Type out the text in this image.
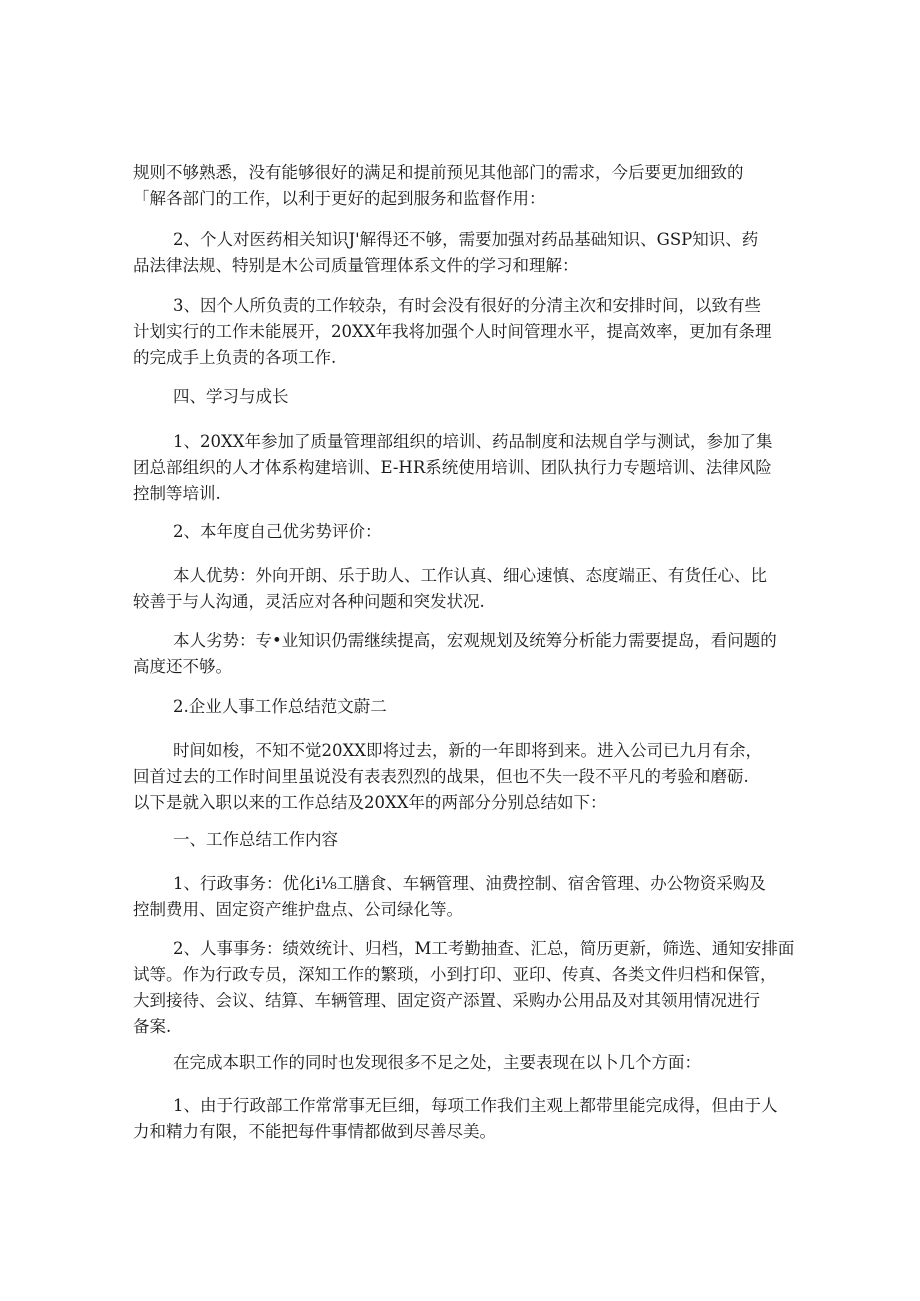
规则不够熟悉，没有能够很好的满足和提前预见其他部门的需求，今后要更加细致的
「解各部门的工作，以利于更好的起到服务和监督作用：
2、个人对医药相关知识J'解得还不够，需要加强对药品基础知识、GSP知识、药
品法律法规、特别是木公司质量管理体系文件的学习和理解：
3、因个人所负责的工作较杂，有时会没有很好的分清主次和安排时间，以致有些
计划实行的工作未能展开，20XX年我将加强个人时间管理水平，提高效率，更加有条理
的完成手上负责的各项工作.
四、学习与成长
1、20XX年参加了质量管理部组织的培训、药品制度和法规自学与测试，参加了集
团总部组织的人才体系构建培训、E-HR系统使用培训、团队执行力专题培训、法律风险
控制等培训.
2、本年度自己优劣势评价：
本人优势：外向开朗、乐于助人、工作认真、细心速慎、态度端正、有货任心、比
较善于与人沟通，灵活应对各种问题和突发状况.
本人劣势：专•业知识仍需继续提高，宏观规划及统筹分析能力需要提岛，看问题的
高度还不够。
2.企业人事工作总结范文蔚二
时间如梭，不知不觉20XX即将过去，新的一年即将到来。进入公司已九月有余，
回首过去的工作时间里虽说没有表表烈烈的战果，但也不失一段不平凡的考验和磨砺.
以下是就入职以来的工作总结及20XX年的两部分分别总结如下：
一、工作总结工作内容
1、行政事务：优化i⅛工膳食、车辆管理、油费控制、宿舍管理、办公物资采购及
控制费用、固定资产维护盘点、公司绿化等。
2、人事事务：绩效统计、归档，M工考勤抽查、汇总，简历更新，筛选、通知安排面
试等。作为行政专员，深知工作的繁琐，小到打印、亚印、传真、各类文件归档和保管，
大到接待、会议、结算、车辆管理、固定资产添置、采购办公用品及对其领用情况进行
备案.
在完成本职工作的同时也发现很多不足之处，主要表现在以卜几个方面：
1、由于行政部工作常常事无巨细，每项工作我们主观上都带里能完成得，但由于人
力和精力有限，不能把每件事情都做到尽善尽美。
